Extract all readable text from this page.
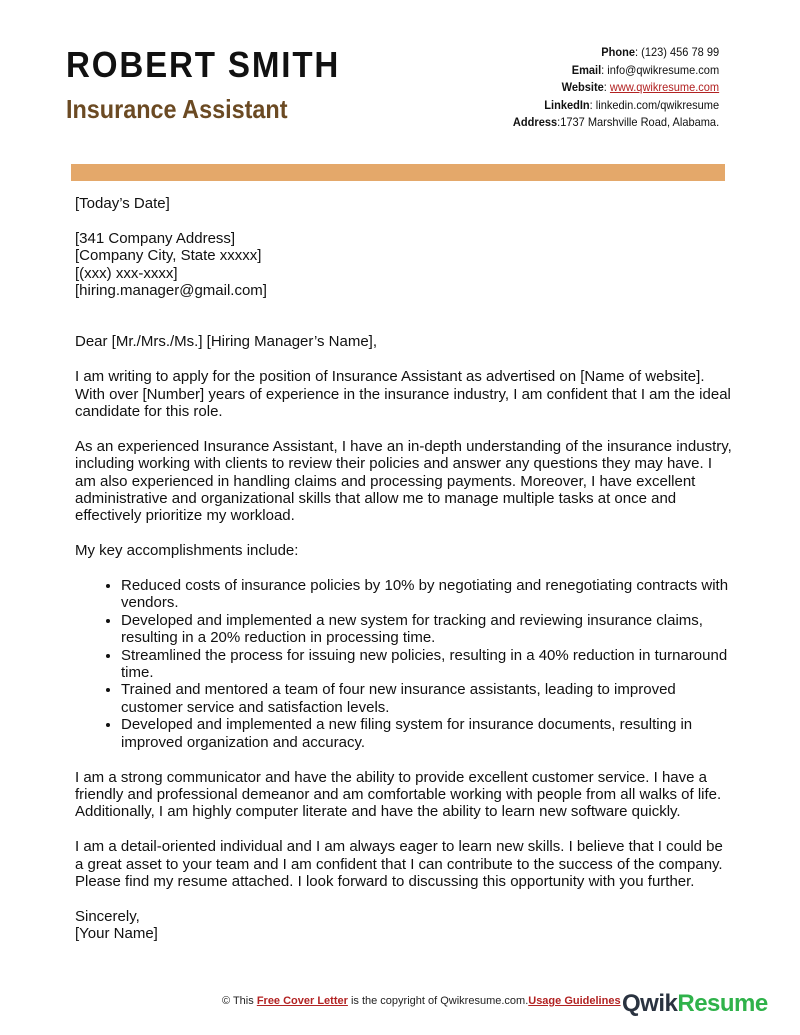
ROBERT SMITH
Insurance Assistant
Phone: (123) 456 78 99
Email: info@qwikresume.com
Website: www.qwikresume.com
LinkedIn: linkedin.com/qwikresume
Address:1737 Marshville Road, Alabama.

[Today’s Date]

[341 Company Address]
[Company City, State xxxxx]
[(xxx) xxx-xxxx]
[hiring.manager@gmail.com]

Dear [Mr./Mrs./Ms.] [Hiring Manager’s Name],

I am writing to apply for the position of Insurance Assistant as advertised on [Name of website]. With over [Number] years of experience in the insurance industry, I am confident that I am the ideal candidate for this role.

As an experienced Insurance Assistant, I have an in-depth understanding of the insurance industry, including working with clients to review their policies and answer any questions they may have. I am also experienced in handling claims and processing payments. Moreover, I have excellent administrative and organizational skills that allow me to manage multiple tasks at once and effectively prioritize my workload.

My key accomplishments include:

• Reduced costs of insurance policies by 10% by negotiating and renegotiating contracts with vendors.
• Developed and implemented a new system for tracking and reviewing insurance claims, resulting in a 20% reduction in processing time.
• Streamlined the process for issuing new policies, resulting in a 40% reduction in turnaround time.
• Trained and mentored a team of four new insurance assistants, leading to improved customer service and satisfaction levels.
• Developed and implemented a new filing system for insurance documents, resulting in improved organization and accuracy.

I am a strong communicator and have the ability to provide excellent customer service. I have a friendly and professional demeanor and am comfortable working with people from all walks of life. Additionally, I am highly computer literate and have the ability to learn new software quickly.

I am a detail-oriented individual and I am always eager to learn new skills. I believe that I could be a great asset to your team and I am confident that I can contribute to the success of the company. Please find my resume attached. I look forward to discussing this opportunity with you further.

Sincerely,
[Your Name]

© This Free Cover Letter is the copyright of Qwikresume.com.Usage Guidelines QwikResume
